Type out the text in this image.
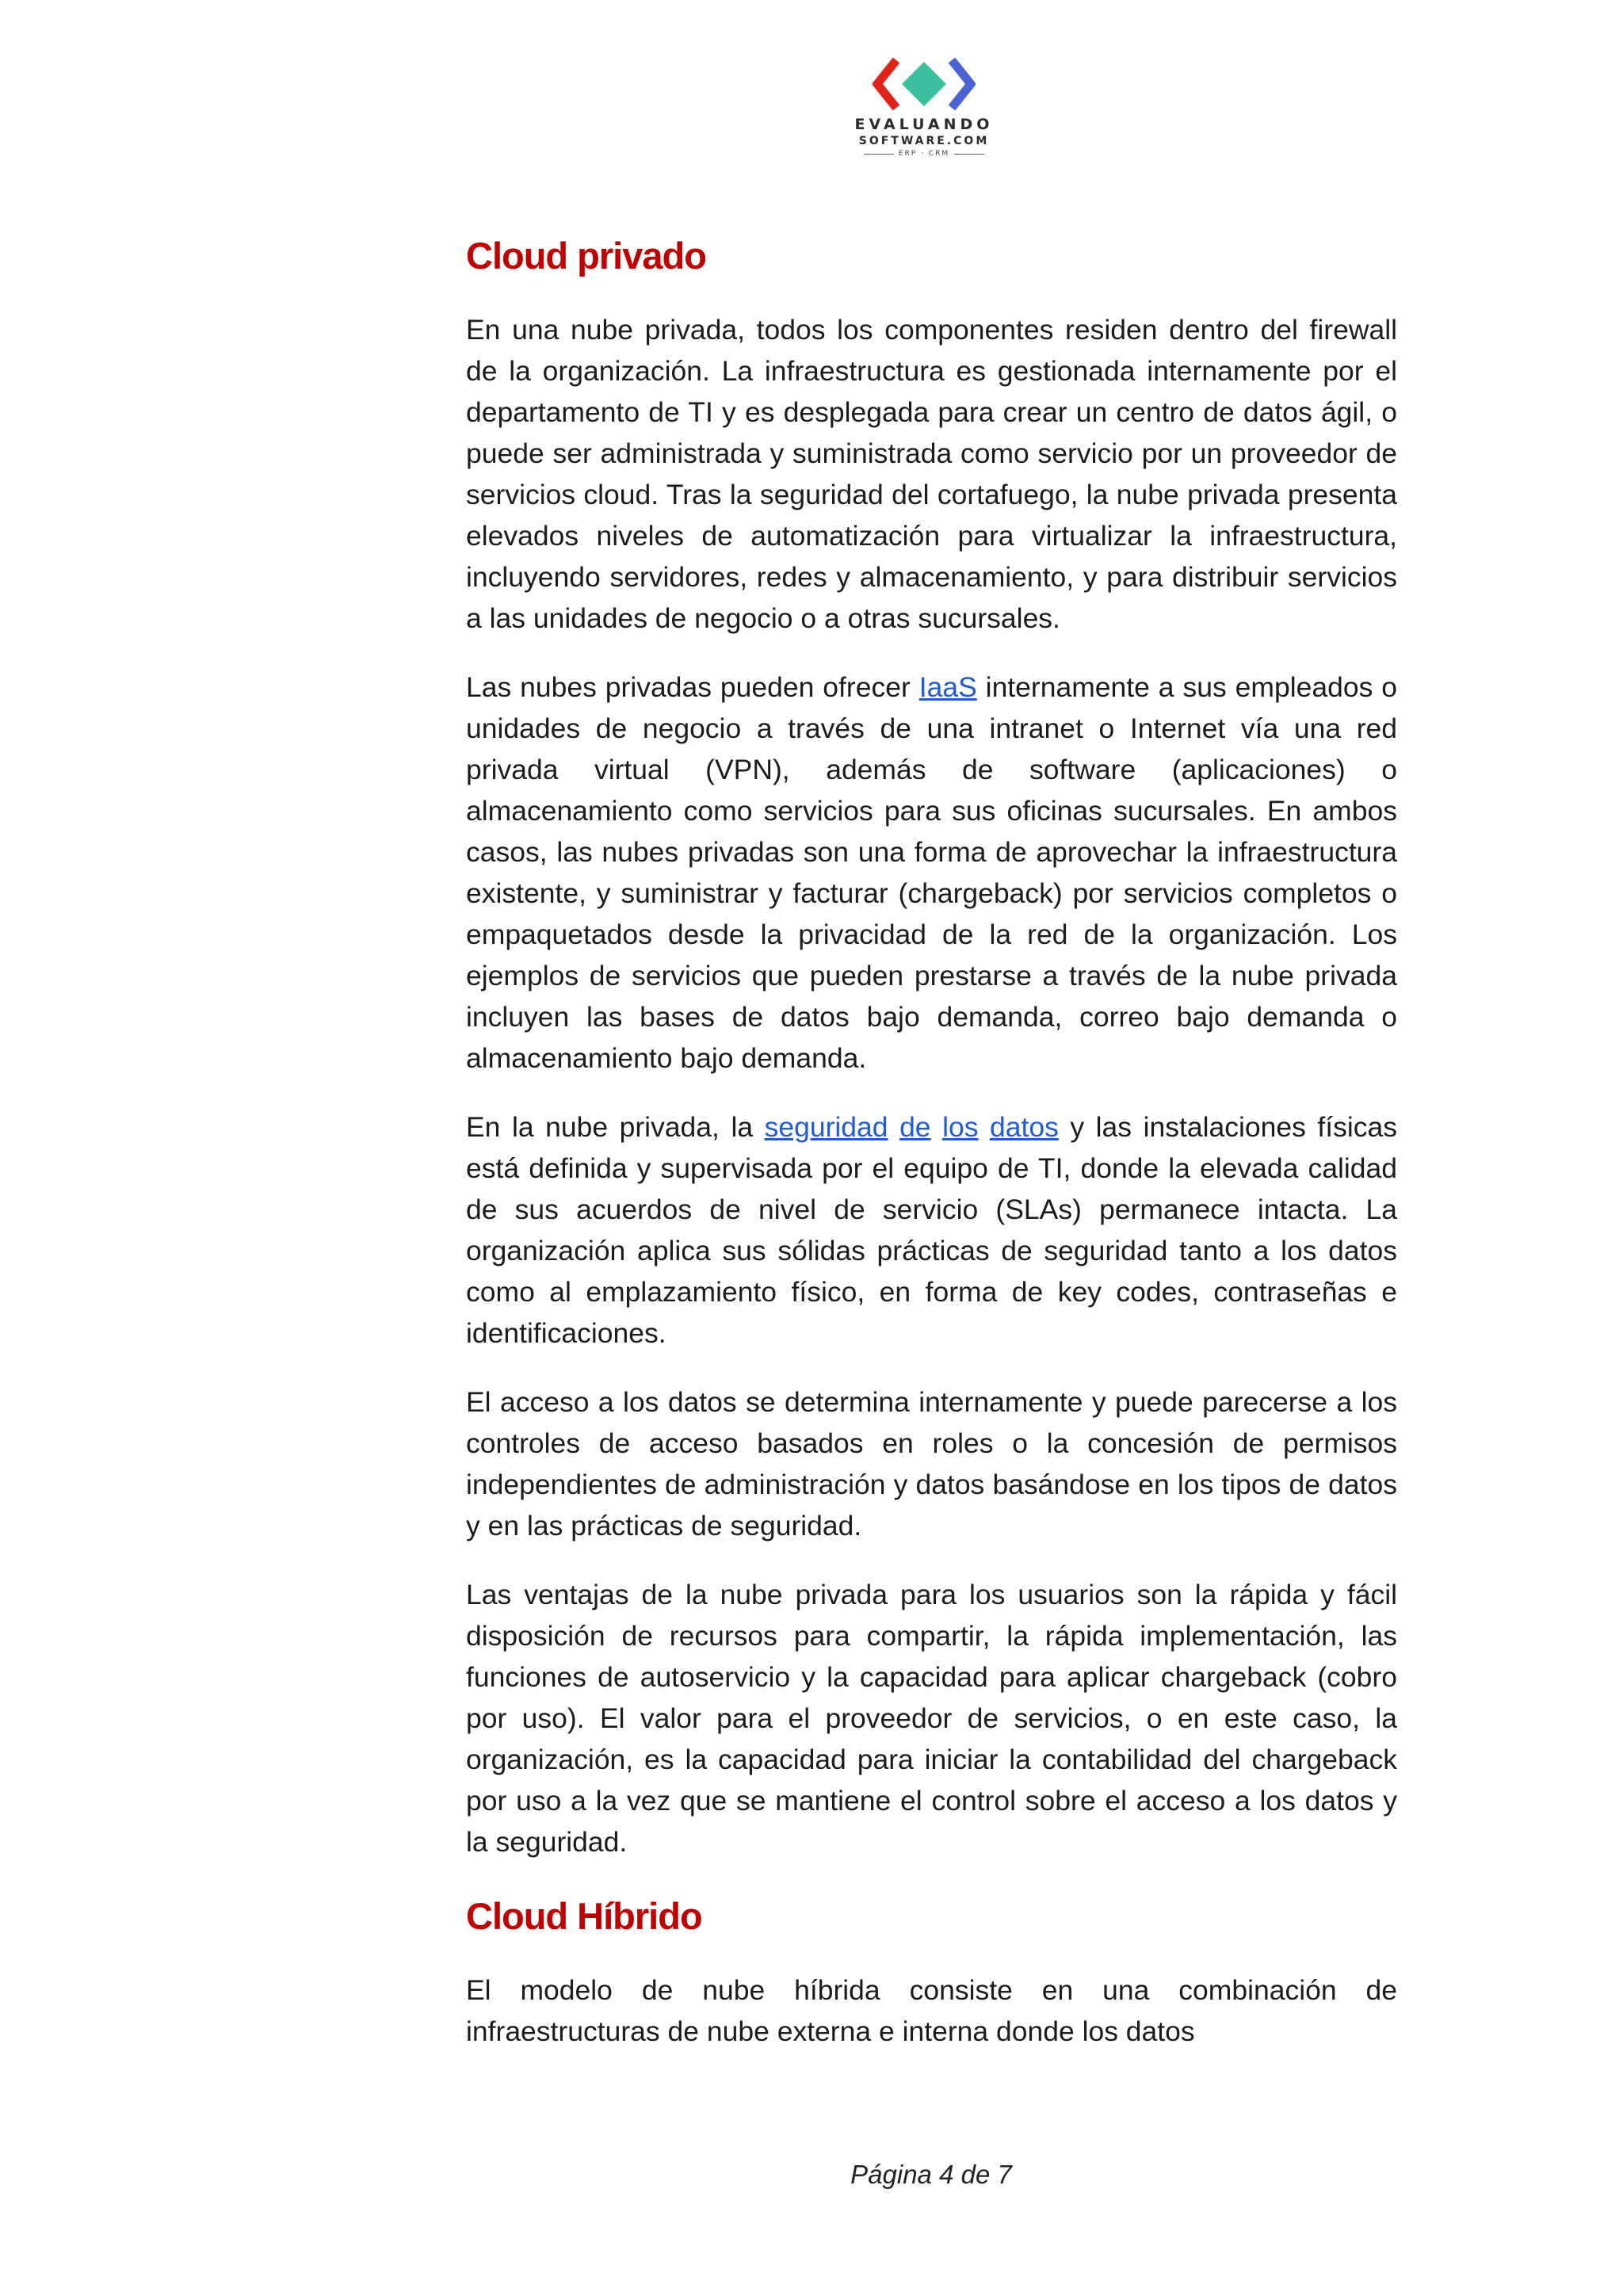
EVALUANDO
SOFTWARE.COM
ERP · CRM
Cloud privado

En una nube privada, todos los componentes residen dentro del firewall de la organización. La infraestructura es gestionada internamente por el departamento de TI y es desplegada para crear un centro de datos ágil, o puede ser administrada y suministrada como servicio por un proveedor de servicios cloud. Tras la seguridad del cortafuego, la nube privada presenta elevados niveles de automatización para virtualizar la infraestructura, incluyendo servidores, redes y almacenamiento, y para distribuir servicios a las unidades de negocio o a otras sucursales.

Las nubes privadas pueden ofrecer IaaS internamente a sus empleados o unidades de negocio a través de una intranet o Internet vía una red privada virtual (VPN), además de software (aplicaciones) o almacenamiento como servicios para sus oficinas sucursales. En ambos casos, las nubes privadas son una forma de aprovechar la infraestructura existente, y suministrar y facturar (chargeback) por servicios completos o empaquetados desde la privacidad de la red de la organización. Los ejemplos de servicios que pueden prestarse a través de la nube privada incluyen las bases de datos bajo demanda, correo bajo demanda o almacenamiento bajo demanda.

En la nube privada, la seguridad de los datos y las instalaciones físicas está definida y supervisada por el equipo de TI, donde la elevada calidad de sus acuerdos de nivel de servicio (SLAs) permanece intacta. La organización aplica sus sólidas prácticas de seguridad tanto a los datos como al emplazamiento físico, en forma de key codes, contraseñas e identificaciones.

El acceso a los datos se determina internamente y puede parecerse a los controles de acceso basados en roles o la concesión de permisos independientes de administración y datos basándose en los tipos de datos y en las prácticas de seguridad.

Las ventajas de la nube privada para los usuarios son la rápida y fácil disposición de recursos para compartir, la rápida implementación, las funciones de autoservicio y la capacidad para aplicar chargeback (cobro por uso). El valor para el proveedor de servicios, o en este caso, la organización, es la capacidad para iniciar la contabilidad del chargeback por uso a la vez que se mantiene el control sobre el acceso a los datos y la seguridad.

Cloud Híbrido

El modelo de nube híbrida consiste en una combinación de infraestructuras de nube externa e interna donde los datos

Página 4 de 7
